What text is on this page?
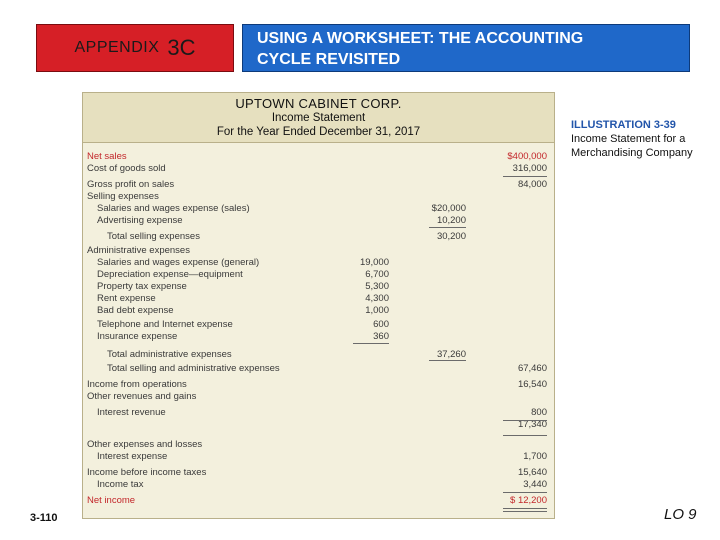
APPENDIX 3C	USING A WORKSHEET: THE ACCOUNTING
CYCLE REVISITED
UPTOWN CABINET CORP.
Income Statement
For the Year Ended December 31, 2017
Net sales	$400,000
Cost of goods sold	316,000
Gross profit on sales	84,000
Selling expenses
Salaries and wages expense (sales)	$20,000
Advertising expense	10,200
Total selling expenses	30,200
Administrative expenses
Salaries and wages expense (general)	19,000
Depreciation expense—equipment	6,700
Property tax expense	5,300
Rent expense	4,300
Bad debt expense	1,000
Telephone and Internet expense	600
Insurance expense	360
Total administrative expenses	37,260
Total selling and administrative expenses	67,460
Income from operations	16,540
Other revenues and gains
Interest revenue	800
17,340
Other expenses and losses
Interest expense	1,700
Income before income taxes	15,640
Income tax	3,440
Net income	$ 12,200
ILLUSTRATION 3-39
Income Statement for a Merchandising Company
3-110	LO 9
